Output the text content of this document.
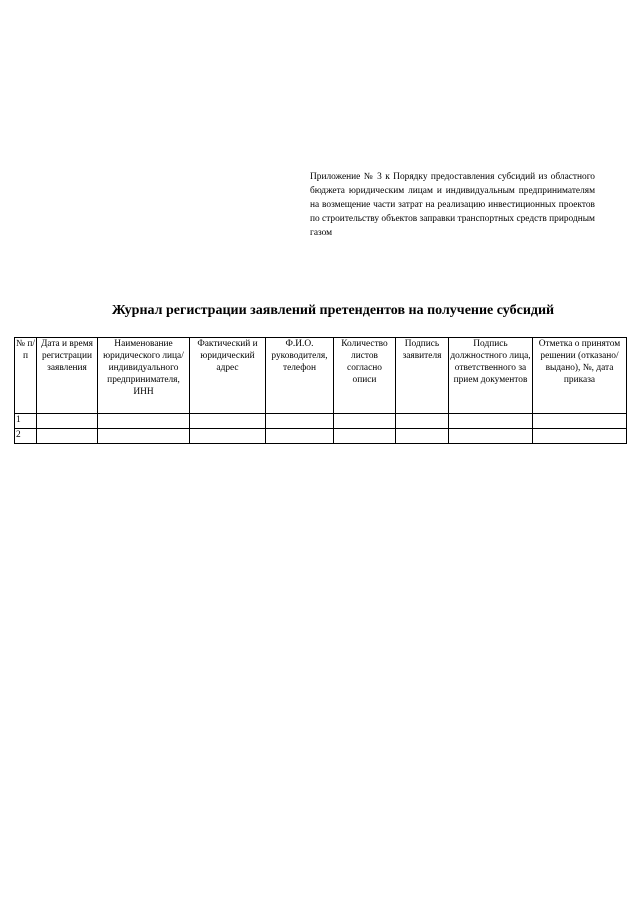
Приложение № 3 к Порядку предоставления субсидий из областного бюджета юридическим лицам и индивидуальным предпринимателям на возмещение части затрат на реализацию инвестиционных проектов по строительству объектов заправки транспортных средств природным газом
Журнал регистрации заявлений претендентов на получение субсидий
№ п/п	Дата и время регистрации заявления	Наименование юридического лица/ индивидуального предпринимателя, ИНН	Фактический и юридический адрес	Ф.И.О. руководителя, телефон	Количество листов согласно описи	Подпись заявителя	Подпись должностного лица, ответственного за прием документов	Отметка о принятом решении (отказано/выдано), №, дата приказа
1								
2								
